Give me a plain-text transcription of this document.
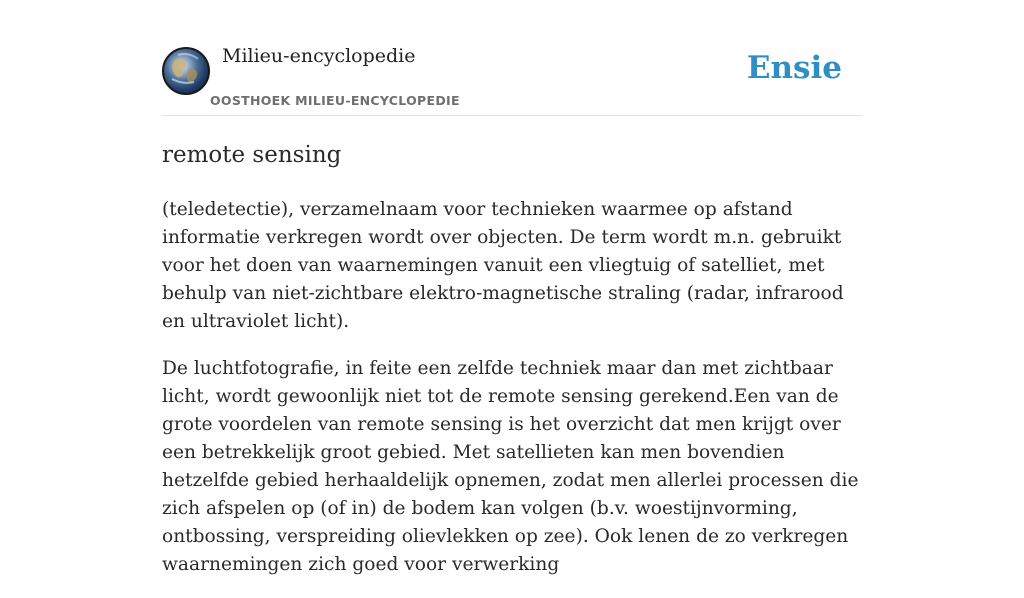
Milieu-encyclopedie
OOSTHOEK MILIEU-ENCYCLOPEDIE
Ensie
remote sensing

(teledetectie), verzamelnaam voor technieken waarmee op afstand informatie verkregen wordt over objecten. De term wordt m.n. gebruikt voor het doen van waarnemingen vanuit een vliegtuig of satelliet, met behulp van niet-zichtbare elektro-magnetische straling (radar, infrarood en ultraviolet licht).

De luchtfotografie, in feite een zelfde techniek maar dan met zichtbaar licht, wordt gewoonlijk niet tot de remote sensing gerekend.Een van de grote voordelen van remote sensing is het overzicht dat men krijgt over een betrekkelijk groot gebied. Met satellieten kan men bovendien hetzelfde gebied herhaaldelijk opnemen, zodat men allerlei processen die zich afspelen op (of in) de bodem kan volgen (b.v. woestijnvorming, ontbossing, verspreiding olievlekken op zee). Ook lenen de zo verkregen waarnemingen zich goed voor verwerking
